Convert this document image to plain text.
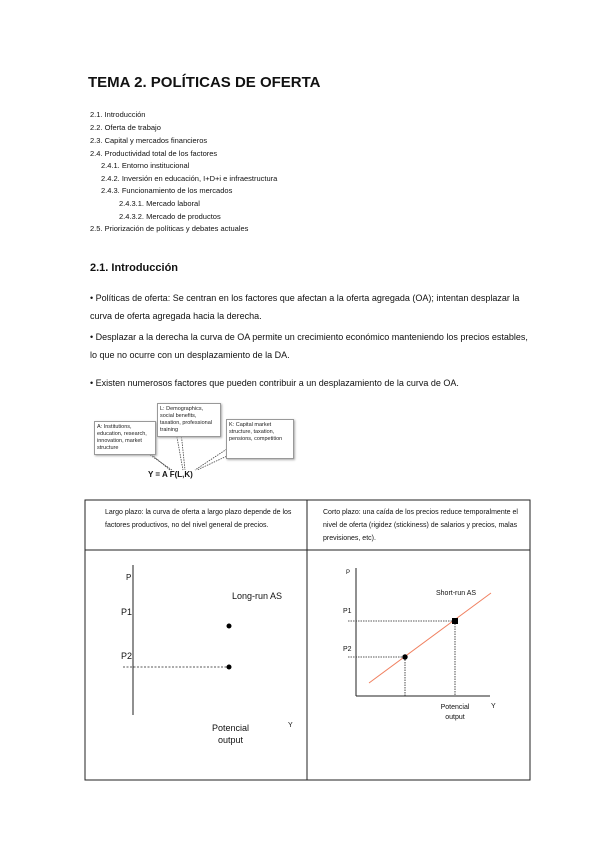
TEMA 2. POLÍTICAS DE OFERTA
2.1. Introducción
2.2. Oferta de trabajo
2.3. Capital y mercados financieros
2.4. Productividad total de los factores
2.4.1. Entorno institucional
2.4.2. Inversión en educación, I+D+i e infraestructura
2.4.3. Funcionamiento de los mercados
2.4.3.1. Mercado laboral
2.4.3.2. Mercado de productos
2.5. Priorización de políticas y debates actuales
2.1. Introducción
• Políticas de oferta: Se centran en los factores que afectan a la oferta agregada (OA); intentan desplazar la curva de oferta agregada hacia la derecha.
• Desplazar a la derecha la curva de OA permite un crecimiento económico manteniendo los precios estables, lo que no ocurre con un desplazamiento de la DA.
• Existen numerosos factores que pueden contribuir a un desplazamiento de la curva de OA.
A: Institutions, education, research, innovation, market structure
L: Demographics, social benefits, taxation, professional training
K: Capital market structure, taxation, pensions, competition
Y = A F(L,K)
Largo plazo: la curva de oferta a largo plazo depende de los factores productivos, no del nivel general de precios.
Corto plazo: una caída de los precios reduce temporalmente el nivel de oferta (rigidez (stickiness) de salarios y precios, malas previsiones, etc).
P
P1
P2
Long-run AS
Potencial output
Y
P
P1
P2
Short-run AS
Potencial output
Y
